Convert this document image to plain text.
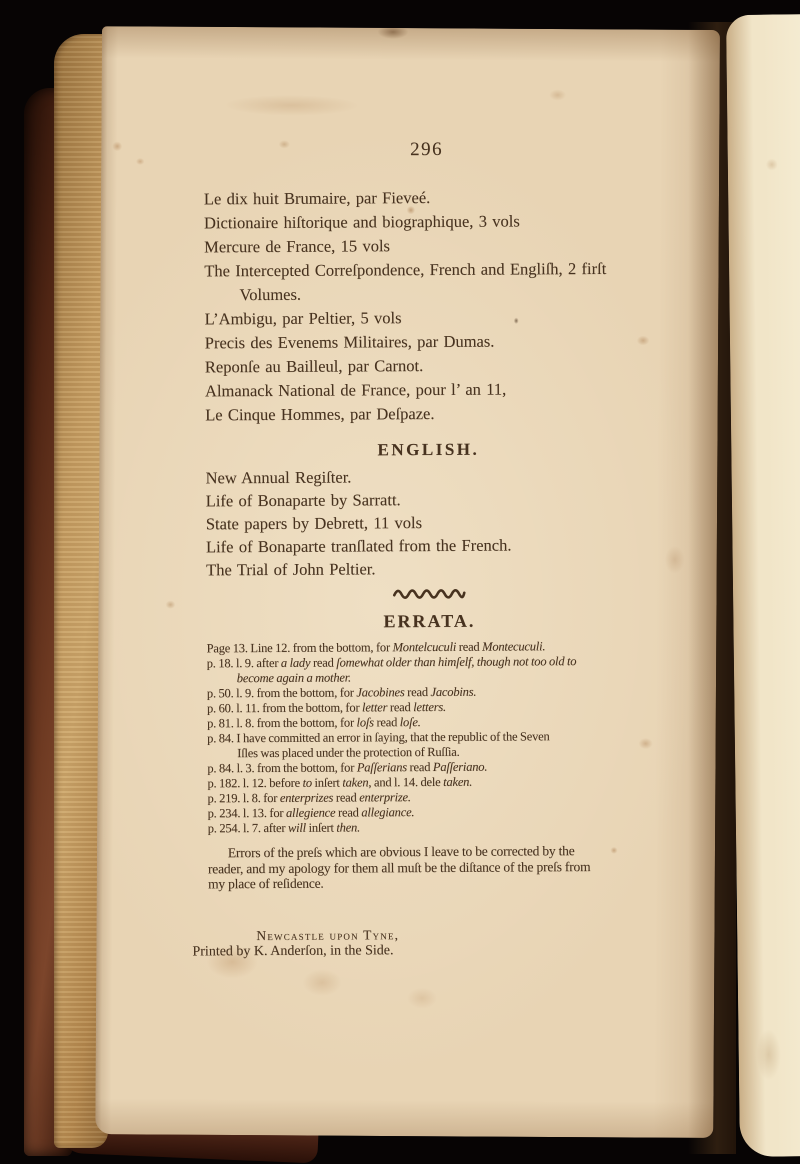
296
Le dix huit Brumaire, par Fieveé.
Dictionaire hiſtorique and biographique, 3 vols
Mercure de France, 15 vols
The Intercepted Correſpondence, French and Engliſh, 2 firſt
Volumes.
L’Ambigu, par Peltier, 5 vols
Precis des Evenems Militaires, par Dumas.
Reponſe au Bailleul, par Carnot.
Almanack National de France, pour l’ an 11,
Le Cinque Hommes, par Deſpaze.
ENGLISH.
New Annual Regiſter.
Life of Bonaparte by Sarratt.
State papers by Debrett, 11 vols
Life of Bonaparte tranſlated from the French.
The Trial of John Peltier.
ERRATA.
Page 13. Line 12. from the bottom, for Montelcuculi read Montecuculi.
p. 18. l. 9. after a lady read ſomewhat older than himſelf, though not too old to
become again a mother.
p. 50. l. 9. from the bottom, for Jacobines read Jacobins.
p. 60. l. 11. from the bottom, for letter read letters.
p. 81. l. 8. from the bottom, for loſs read loſe.
p. 84. I have committed an error in ſaying, that the republic of the Seven
Iſles was placed under the protection of Ruſſia.
p. 84. l. 3. from the bottom, for Paſſerians read Paſſeriano.
p. 182. l. 12. before to inſert taken, and l. 14. dele taken.
p. 219. l. 8. for enterprizes read enterprize.
p. 234. l. 13. for allegience read allegiance.
p. 254. l. 7. after will inſert then.
Errors of the preſs which are obvious I leave to be corrected by the
reader, and my apology for them all muſt be the diſtance of the preſs from
my place of reſidence.
Newcastle upon Tyne,
Printed by K. Anderſon, in the Side.
